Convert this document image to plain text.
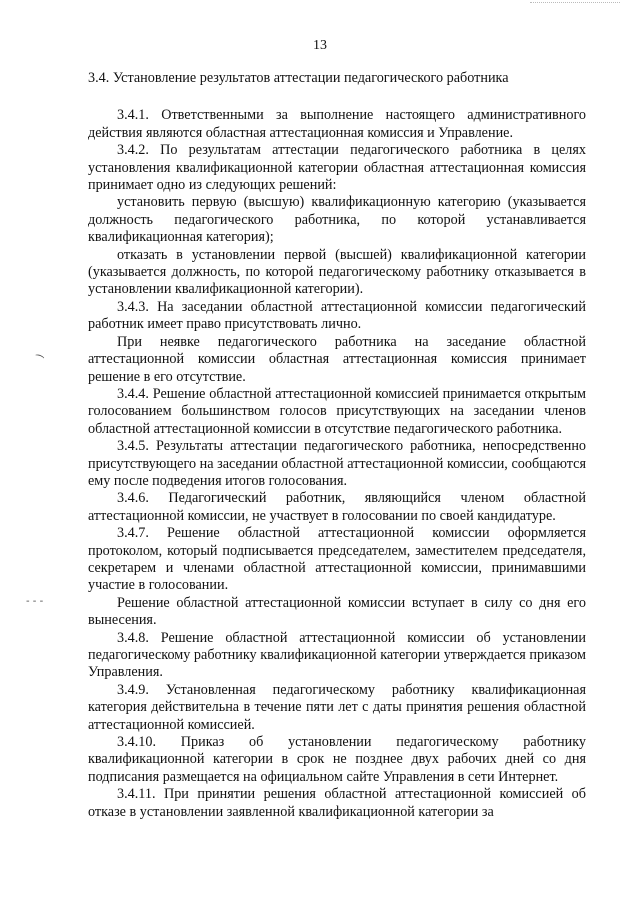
13

3.4. Установление результатов аттестации педагогического работника

3.4.1. Ответственными за выполнение настоящего административного действия являются областная аттестационная комиссия и Управление.

3.4.2. По результатам аттестации педагогического работника в целях установления квалификационной категории областная аттестационная комиссия принимает одно из следующих решений:

установить первую (высшую) квалификационную категорию (указывается должность педагогического работника, по которой устанавливается квалификационная категория);

отказать в установлении первой (высшей) квалификационной категории (указывается должность, по которой педагогическому работнику отказывается в установлении квалификационной категории).

3.4.3. На заседании областной аттестационной комиссии педагогический работник имеет право присутствовать лично.

При неявке педагогического работника на заседание областной аттестационной комиссии областная аттестационная комиссия принимает решение в его отсутствие.

3.4.4. Решение областной аттестационной комиссией принимается открытым голосованием большинством голосов присутствующих на заседании членов областной аттестационной комиссии в отсутствие педагогического работника.

3.4.5. Результаты аттестации педагогического работника, непосредственно присутствующего на заседании областной аттестационной комиссии, сообщаются ему после подведения итогов голосования.

3.4.6. Педагогический работник, являющийся членом областной аттестационной комиссии, не участвует в голосовании по своей кандидатуре.

3.4.7. Решение областной аттестационной комиссии оформляется протоколом, который подписывается председателем, заместителем председателя, секретарем и членами областной аттестационной комиссии, принимавшими участие в голосовании.

Решение областной аттестационной комиссии вступает в силу со дня его вынесения.

3.4.8. Решение областной аттестационной комиссии об установлении педагогическому работнику квалификационной категории утверждается приказом Управления.

3.4.9. Установленная педагогическому работнику квалификационная категория действительна в течение пяти лет с даты принятия решения областной аттестационной комиссией.

3.4.10. Приказ об установлении педагогическому работнику квалификационной категории в срок не позднее двух рабочих дней со дня подписания размещается на официальном сайте Управления в сети Интернет.

3.4.11. При принятии решения областной аттестационной комиссией об отказе в установлении заявленной квалификационной категории за

⁀
‐ ‐ ‐
